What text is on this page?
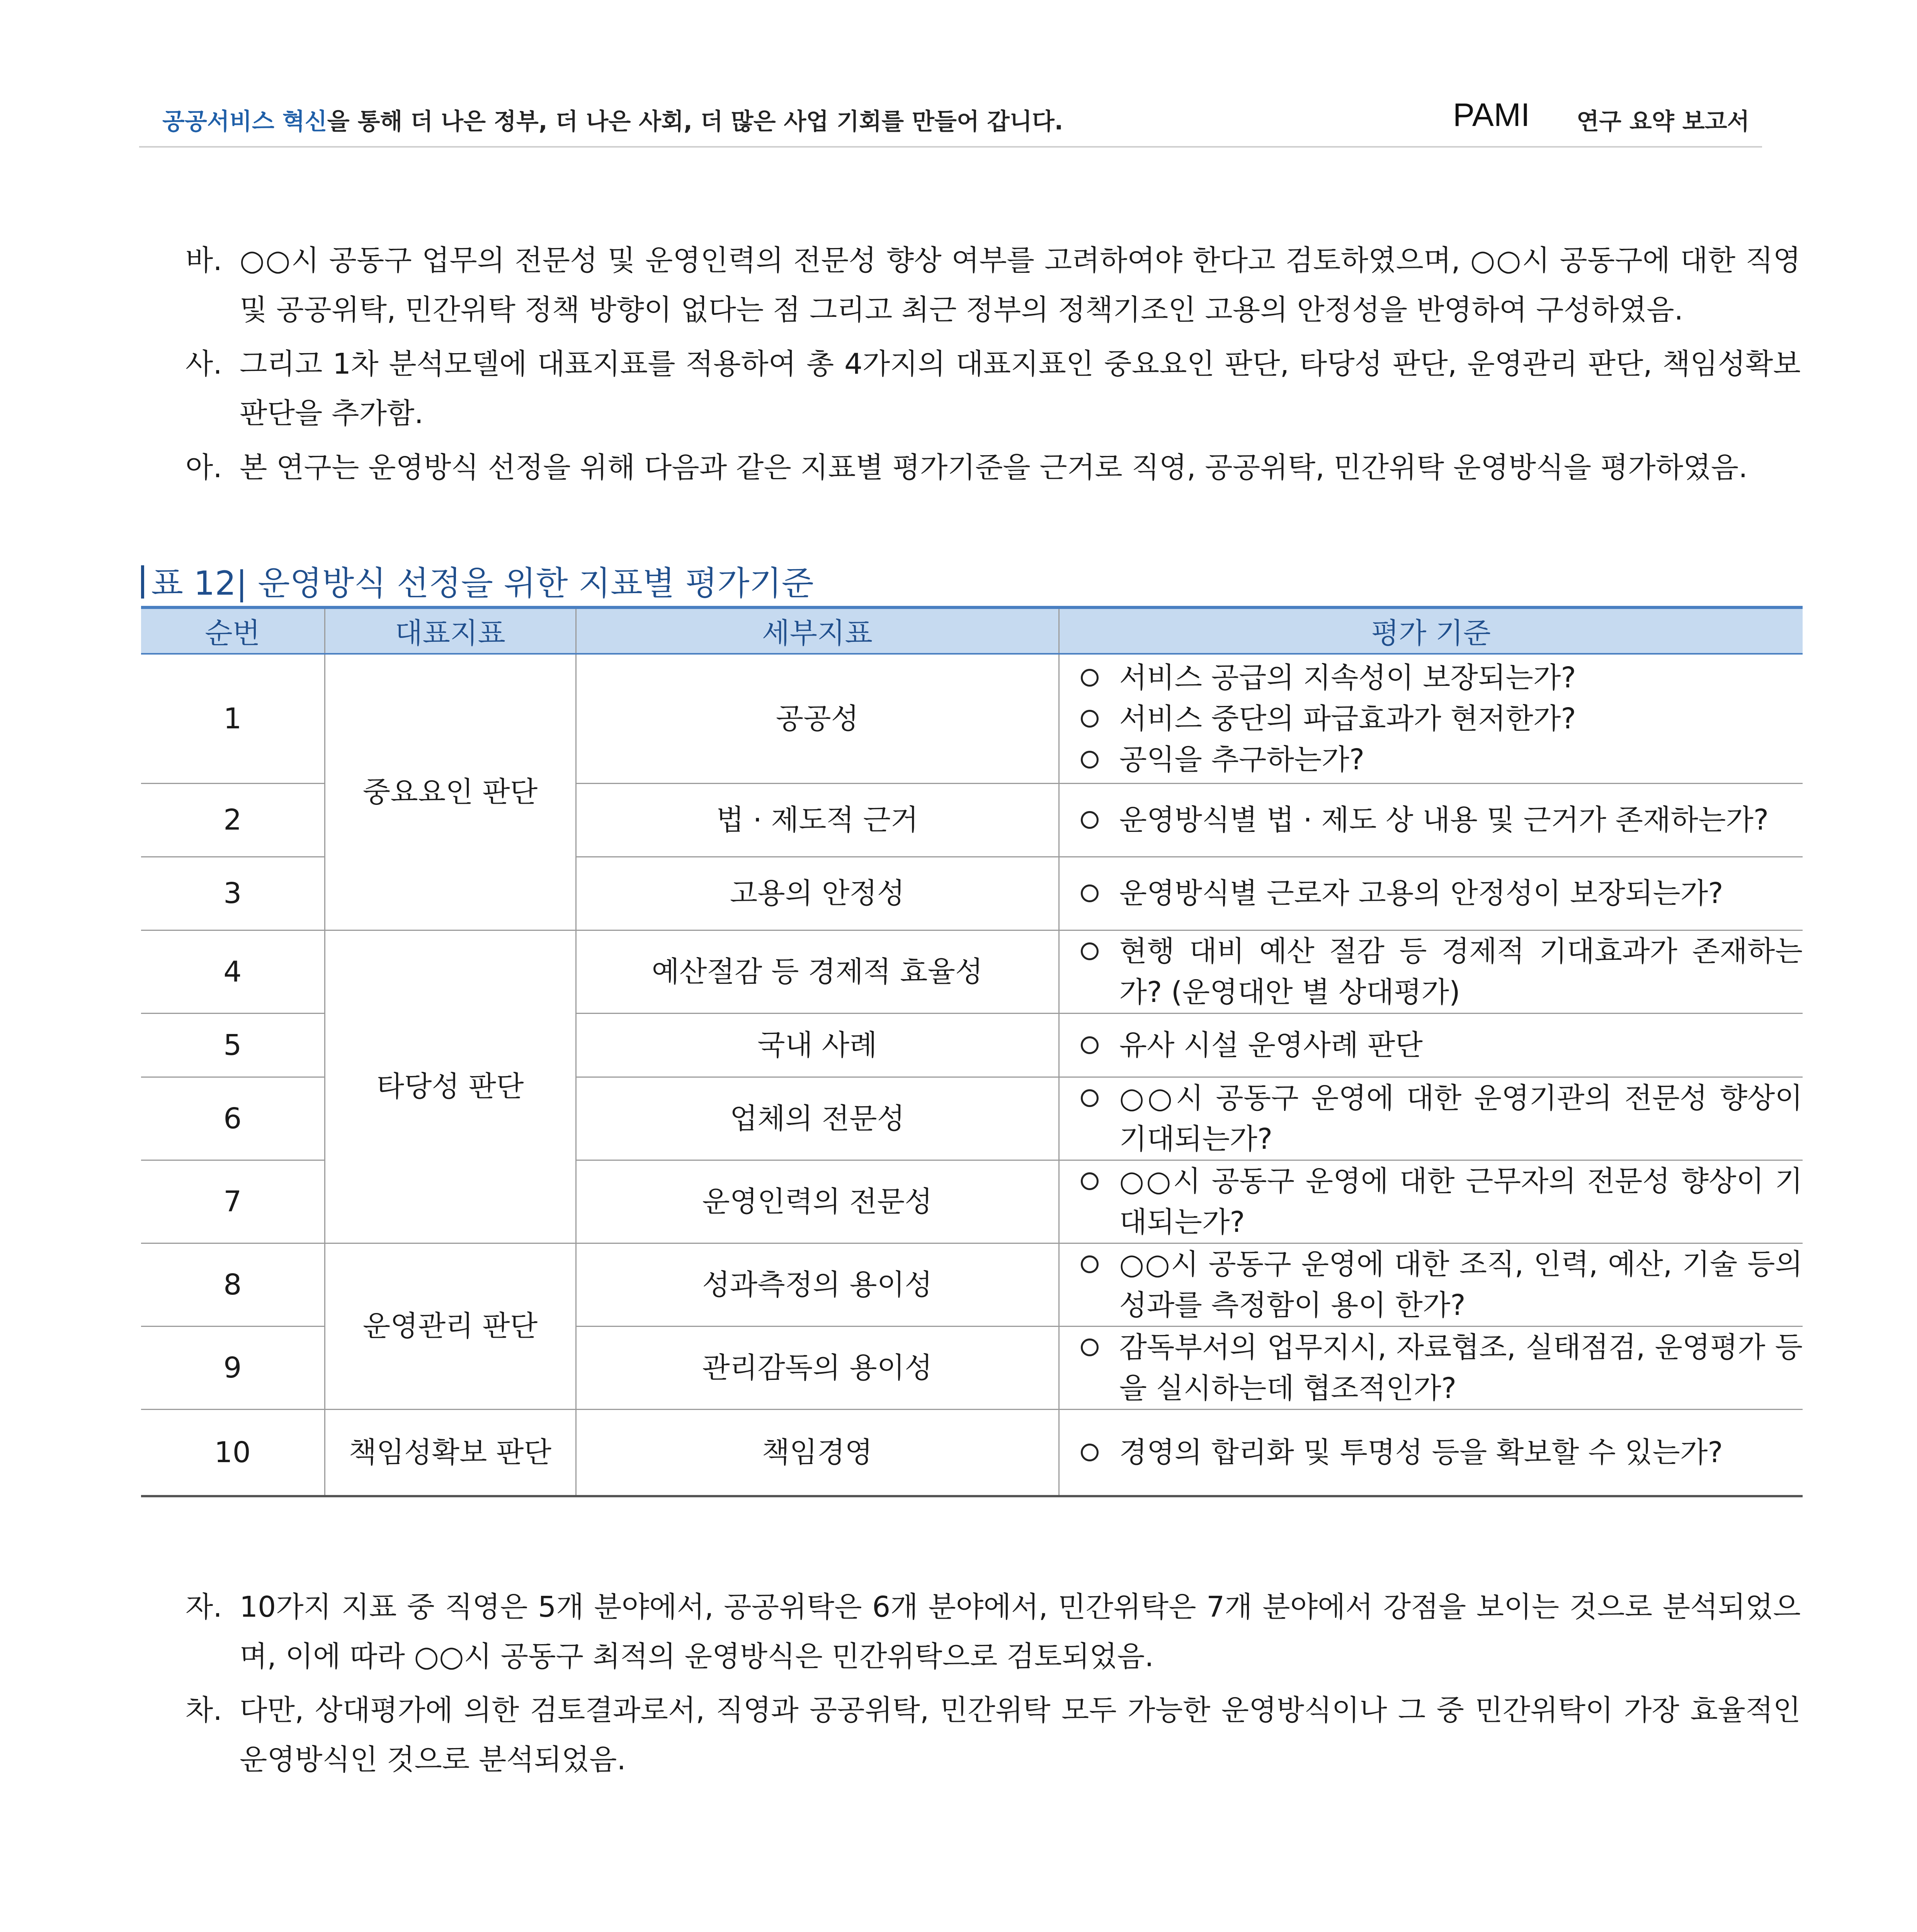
공공서비스 혁신을 통해 더 나은 정부, 더 나은 사회, 더 많은 사업 기회를 만들어 갑니다.	PAMI 연구 요약 보고서
바. ○○시 공동구 업무의 전문성 및 운영인력의 전문성 향상 여부를 고려하여야 한다고 검토하였으며, ○○시 공동구에 대한 직영 및 공공위탁, 민간위탁 정책 방향이 없다는 점 그리고 최근 정부의 정책기조인 고용의 안정성을 반영하여 구성하였음.
사. 그리고 1차 분석모델에 대표지표를 적용하여 총 4가지의 대표지표인 중요요인 판단, 타당성 판단, 운영관리 판단, 책임성확보 판단을 추가함.
아. 본 연구는 운영방식 선정을 위해 다음과 같은 지표별 평가기준을 근거로 직영, 공공위탁, 민간위탁 운영방식을 평가하였음.
표 12| 운영방식 선정을 위한 지표별 평가기준
순번	대표지표	세부지표	평가 기준
1	중요요인 판단	공공성	서비스 공급의 지속성이 보장되는가?
서비스 중단의 파급효과가 현저한가?
공익을 추구하는가?

2		법 · 제도적 근거	운영방식별 법 · 제도 상 내용 및 근거가 존재하는가?

3		고용의 안정성	운영방식별 근로자 고용의 안정성이 보장되는가?

4	타당성 판단	예산절감 등 경제적 효율성	현행 대비 예산 절감 등 경제적 기대효과가 존재하는가? (운영대안 별 상대평가)

5		국내 사례	유사 시설 운영사례 판단

6		업체의 전문성	○○시 공동구 운영에 대한 운영기관의 전문성 향상이 기대되는가?

7		운영인력의 전문성	○○시 공동구 운영에 대한 근무자의 전문성 향상이 기대되는가?

8	운영관리 판단	성과측정의 용이성	○○시 공동구 운영에 대한 조직, 인력, 예산, 기술 등의 성과를 측정함이 용이 한가?

9		관리감독의 용이성	감독부서의 업무지시, 자료협조, 실태점검, 운영평가 등을 실시하는데 협조적인가?

10	책임성확보 판단	책임경영	경영의 합리화 및 투명성 등을 확보할 수 있는가?
자. 10가지 지표 중 직영은 5개 분야에서, 공공위탁은 6개 분야에서, 민간위탁은 7개 분야에서 강점을 보이는 것으로 분석되었으며, 이에 따라 ○○시 공동구 최적의 운영방식은 민간위탁으로 검토되었음.
차. 다만, 상대평가에 의한 검토결과로서, 직영과 공공위탁, 민간위탁 모두 가능한 운영방식이나 그 중 민간위탁이 가장 효율적인 운영방식인 것으로 분석되었음.
